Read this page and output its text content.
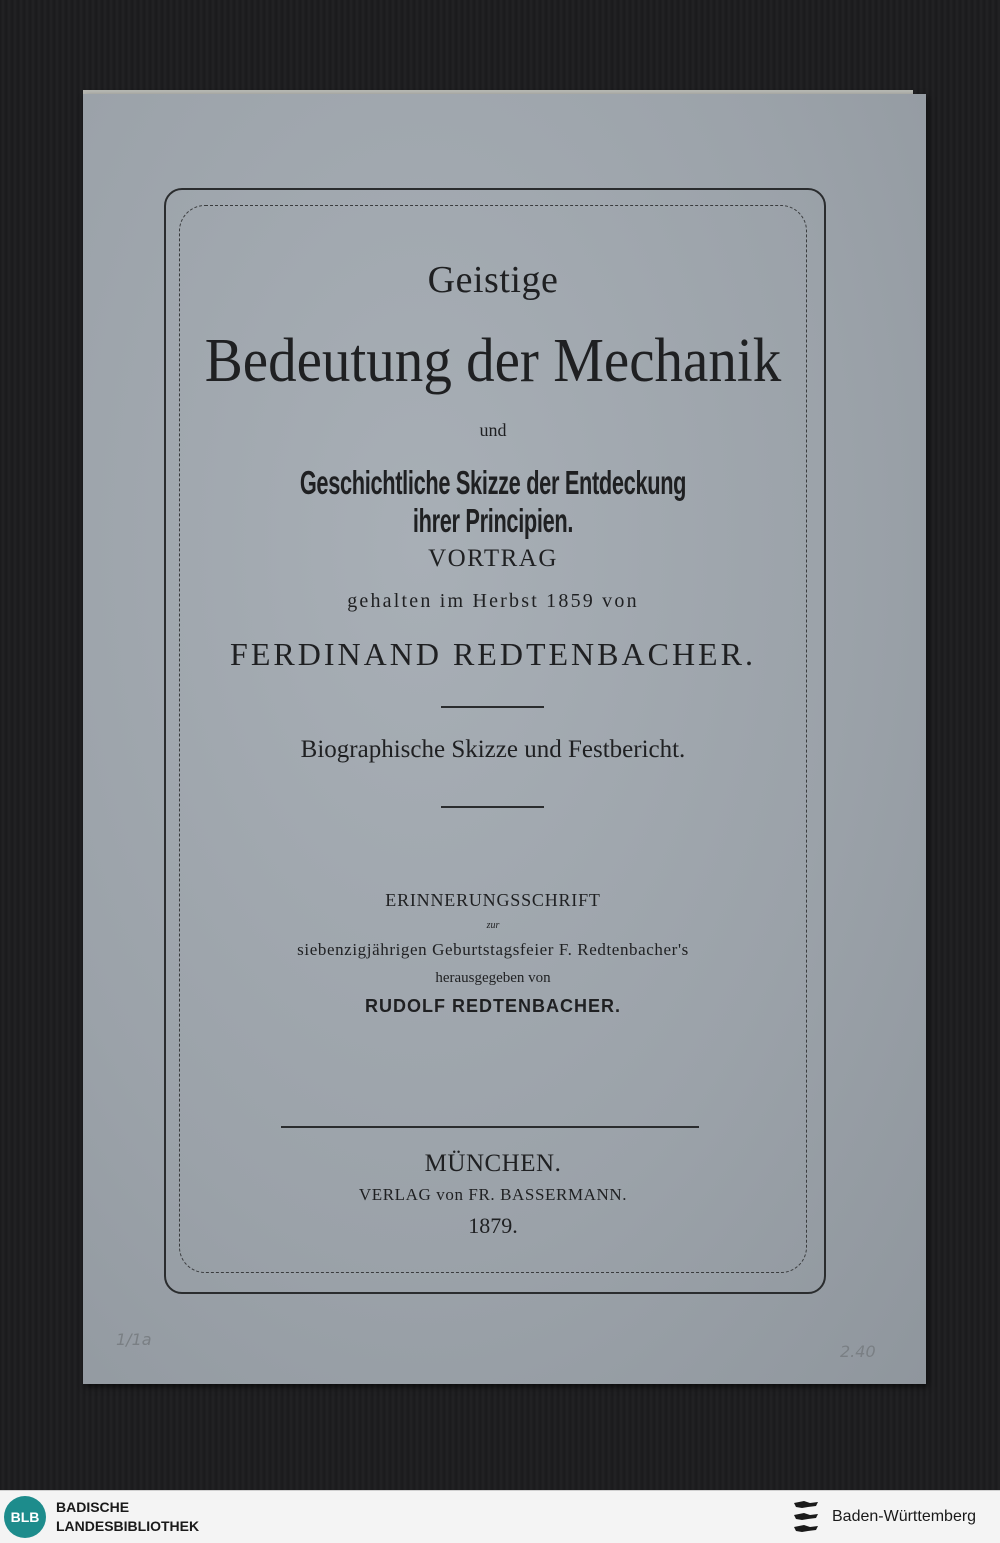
Geistige
Bedeutung der Mechanik
und
Geschichtliche Skizze der Entdeckung ihrer Principien.
VORTRAG
gehalten im Herbst 1859 von
FERDINAND REDTENBACHER.
Biographische Skizze und Festbericht.
ERINNERUNGSSCHRIFT
zur
siebenzigjährigen Geburtstagsfeier F. Redtenbacher's
herausgegeben von
RUDOLF REDTENBACHER.
MÜNCHEN.
VERLAG von FR. BASSERMANN.
1879.
1/1a
2.40
BLB
BADISCHE
LANDESBIBLIOTHEK
Baden-Württemberg
